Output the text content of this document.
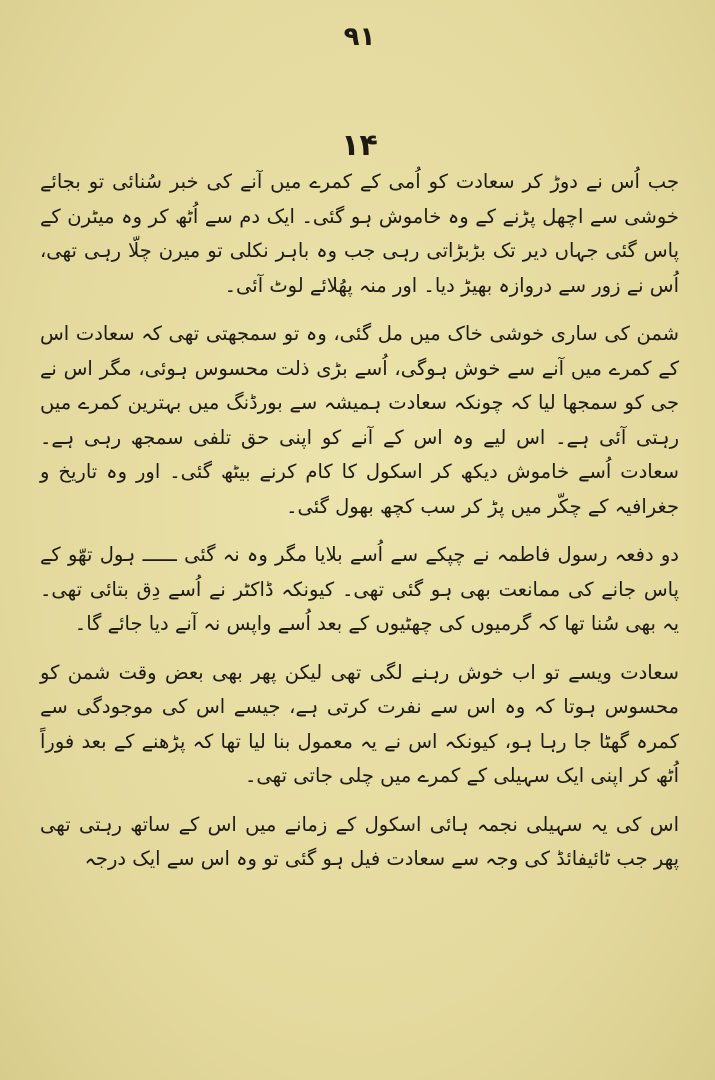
۹۱
۱۴

جب اُس نے دوڑ کر سعادت کو اُمی کے کمرے میں آنے کی خبر سُنائی تو بجائے خوشی سے اچھل پڑنے کے وہ خاموش ہو گئی۔ ایک دم سے اُٹھ کر وہ میٹرن کے پاس گئی جہاں دیر تک بڑبڑاتی رہی جب وہ باہر نکلی تو میرن چلّا رہی تھی، اُس نے زور سے دروازہ بھیڑ دیا۔ اور منہ پھُلائے لوٹ آئی۔

شمن کی ساری خوشی خاک میں مل گئی، وہ تو سمجھتی تھی کہ سعادت اس کے کمرے میں آنے سے خوش ہوگی، اُسے بڑی ذلت محسوس ہوئی، مگر اس نے جی کو سمجھا لیا کہ چونکہ سعادت ہمیشہ سے بورڈنگ میں بہترین کمرے میں رہتی آئی ہے۔ اس لیے وہ اس کے آنے کو اپنی حق تلفی سمجھ رہی ہے۔ سعادت اُسے خاموش دیکھ کر اسکول کا کام کرنے بیٹھ گئی۔ اور وہ تاریخ و جغرافیہ کے چکّر میں پڑ کر سب کچھ بھول گئی۔

دو دفعہ رسول فاطمہ نے چپکے سے اُسے بلایا مگر وہ نہ گئی ــــــ ہول تھّو کے پاس جانے کی ممانعت بھی ہو گئی تھی۔ کیونکہ ڈاکٹر نے اُسے دِق بتائی تھی۔ یہ بھی سُنا تھا کہ گرمیوں کی چھٹیوں کے بعد اُسے واپس نہ آنے دیا جائے گا۔

سعادت ویسے تو اب خوش رہنے لگی تھی لیکن پھر بھی بعض وقت شمن کو محسوس ہوتا کہ وہ اس سے نفرت کرتی ہے، جیسے اس کی موجودگی سے کمرہ گھٹا جا رہا ہو، کیونکہ اس نے یہ معمول بنا لیا تھا کہ پڑھنے کے بعد فوراً اُٹھ کر اپنی ایک سہیلی کے کمرے میں چلی جاتی تھی۔

اس کی یہ سہیلی نجمہ ہائی اسکول کے زمانے میں اس کے ساتھ رہتی تھی پھر جب ٹائیفائڈ کی وجہ سے سعادت فیل ہو گئی تو وہ اس سے ایک درجہ
